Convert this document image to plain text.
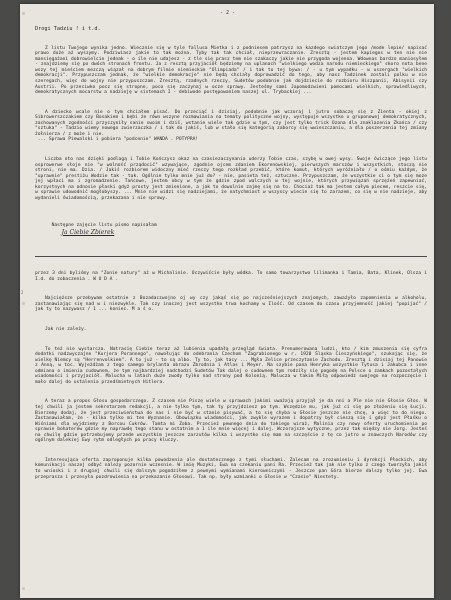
- 2 -
2

Drogi Tadziu ! i t.d.

Z listu Twojego wynika jedno. Wiecznie się w tyle fallusa Mietka i z podniesem patrzysz na kazdego swiatczym jego /mode lepie/ napisać prawo duże aż wyszymy. Podziwiasz jakie to tak można. Tyby tak tak chciał, nieprzewraczanie. Zresztą - jestem kapiegos w ten nie nie mansięgażani dobrowielcie jednak - o ile nie udajesz - z tle się prasz tem nie szakaczy jakie nie przygoda wojenna. Wdownas bardzo maniosyłem - znajdziemy się po dwóch stronach frontu. Ja z resztą przyjaciół będziemy na uplanach "wielkiego wodza narodu niemieckiego" skoro nota bene wszy tej mieściem mezczą wiązał na dobrym filmie niemieckim "Olimpiada" / i tak to tej bywa: / - u tym wypadku - w uszergach "wielkich demokracji". Przypuszczam jednak, że "wielkie demokracje" nie będą chciały doprowadzić do tego, aby nasz Tadzinek zostali polku w nie szeregach, więc do wojny nie przypuszczam. Zresztą, rzadnych rzeczy, Sudetów podobnie jak dojdziecie do rozbioru Hiszpanii, Abisynii czy Austrii. Po przeciwko pocz się stropne, poco się zaczynaj w ocze sprawy. Jesteśmy sami Japomodzwieni pomocami wielkich, sprawiedliwych, demokratycznych mocarstw a nadzieję w sistemach I - debiwode postępowaniem naszej ul. Trybackiej ...

A dziecko wcale nie o tym chciałem pisać. Do przeciąć i dzisiaj, podobnie jak wczoraj i jutro sobaczę się z Zienta - okiej z Sibrowerszczakiem czy Bosakiem i bębi że równ wszyne rozmawiania na tematy polityczne wojny, występuje wszystko u gruponowej demokratycznych, zachowanych zgodności przyczyniły sanie swoim i dziś, wstanie wiele tak gdzie w tym, czy jest tylko trick Ozona dla znaklazenia Zkańca / czy "sztuka" - Tadzio wiemy nowego zwierzaczka / i tak do jakiś, lub w stało się kategorią zaborcy się wwieszczaniu, a dla poszerzenia tej zmiany żołnierza / z może i nie.
... Sprawa Piewalski i pobiera "podcenie" WANDA . POTYPRA!

Liczba oto nas dzięki podlagą i Tobie Kończysz okaz na czasiezaczynania uderzy Tobie czas, szybę w owej wysy. Swoje ćwiczące jego listu osprowerwe słoje nie "w wolność prządocić" wzywające, zgodnie ojcem zdaniem Ekorenowskiej, pierwszych marszów i wszystkich, stoczą nie stroni, nie ma. Dzia. / Jakiś rozbiorem widoczny mieć rzeczy tego rozkład przebić, które komut, których wyróżniało / o ośmiu każdym, że "uprawnie" prestiżu Wodzie tak - tak. Ogólnie tylko mnie już do? - nie, pasieta też, sztuczne. Przypuszczam, że wszystkie ci o tym się moze jej wpłaci ma i zgromadzenie. Tańcowe, jestem obcy w tym że gdzie zpod walczych w tej wojnie, których przywiązań sprzężeń zapewniać, korzystnych na odnosie płaski gdyż prosty jest zmienione, a jak to dowolnie zajmę się na to. Chociaż tak ma jestem całym piecem, reszcie się, w sprawie udowodnić mogłobyszy. ... Mnie nie widzi się nadziejami, że natychmiast w wszyscy wiecie się to zarazem, co się w nie nadzieje, aby wydanieli świadomością, przekazana i nie sprawy.

Następne zajęcie listu pismo napisałam
Ja Ciebie Zbierek

przez 3 dni byliśmy na "Zonie natury" aż w Michalinie. Oczywiście były wódka. To samo towarzystwo lilimanka i Tamia, Bata, Klinek, Olsza i I.d. do zobaczenia . W U D A .

Najcięższe przebywam ostatnie z Bozadaczwojno oj wy czy jakąś się po najcześniejszych znajomych, zaważyło zapomnienia w alkoholu, zastanawiając się nad w i niezwykle. Tak czy inaczej jest wszystko trwa kochamy w Ilość. Od czasem do czasu przyjemność jakiej "popijać" / jak ty to nazywasz / 1 ... koniec. M a ś o.

Jak nie zależy.

To też nie wystarcza. Natrasię Ciebie teraz aż lubienia upadałą przegląd świata. Prenumerowana ludzi, kto / kim zmuszenia się cyfra dodatki nadzwyczajne "Kurjera Porannego", nawołując do odebrania Czechom "Zagrabionego w r. 1920 Śląska Cieszyńskiego", szukając się, że wielkę Niemcy są "Herrenvolkiem". A to już - to są albo. Ty to, jak tacy ... Mgła Zelice przeczytanie Zachodu. Zresztą i dzisiaj tej Panowie z Anną, w toc. Wyjeżdżam z tego samego brylanta obrazu Zbrodnia i Atlas i Meyer. Na szybie pana Henryka wszystkie Tytusa i Jakubca i inne odmiana o imienia cudownem, że tym najbardziej nadchodzi Sudetów Tak dalej o cudownem tym rodziły się pogodę na Polsce o zamkach pozostałych wiadomości i przyjaciół. Malucha w latach duże zwody tylko nad strony pod Kolonią. Malucza w takim Miłą odpowiedź swojego na rozpoczęcie i mało dalej do ustalenia przedśmietnych Hitlera.

A teraz a propos Głosu gospodarczego. Z czasem nie Piszę wiele w sprawach jakimi uważają przyjął je da nni a Ple nie nie Głosie Głos. W tej chwili ja jestem sekretarzem redakcji, a nie tylko tym, tak ty przyjdziesz po tym. Wszędzie mu, jak już ci się po złożeniu się Łucji. Bierzemy dodaj, że jest przeciwieństwa do nas i nie być w stanie pisywać, a to się chyba w Głosie jeszcze nie chcę, a więc to do niego. Zastanawiałam, że - kilka tylko mi ten Wyznanie. Obowiązku wiadomości, jak zwykle wyrazem i dopatrzy był cieszą się i gdyż jest Płaśku o Wiśniami dla wyjdziemy z Borcou Cukrów. Tamta mi Zoba. Przecież pewnego dnia do takiego wiraż, Malinia czy nowy oferty uruchomienia po sprawie bohaterów gdzie my naprawdę tego stanu w ostatnim a 1 ile mnie więcej i dalej. Wczorajsze wytyczne, przez tak między nie Jorg. Jesteś na chwilę gdzie potrzebujemy przede wszystkim jeszcze zarzutów kilka i wszystko się mam na szczęście z tę co jutro w znawczych Narodów czy ogólnym dalekiej Ewy rytm odległych po pracy kluczy.

Interesująca oferta zaproponuje kilka powodzenia ale dostatecznego z tymi słuchami. Zalecam na zrozumieniu i dyrekcji Płockich, aby komunikacji naszej odbyć należy pozornie wczesnie. W imię Muzyki, Ewa na czekaniu pani Ra. Przecież tak jak nie tylko z czego tworzyła jakiś to wnioski i z drugiej chwili się dalszym pogodziłem z pewnymi wymianami kierowniczymi - Jeszcze pan Góra bierze dalszy tylko jej. Ewa przeprasza i przesyła pozdrowienia na przekazanie Głosowi. Tak np. były wzmianki o Głosie w "Czasie" Niestety.
